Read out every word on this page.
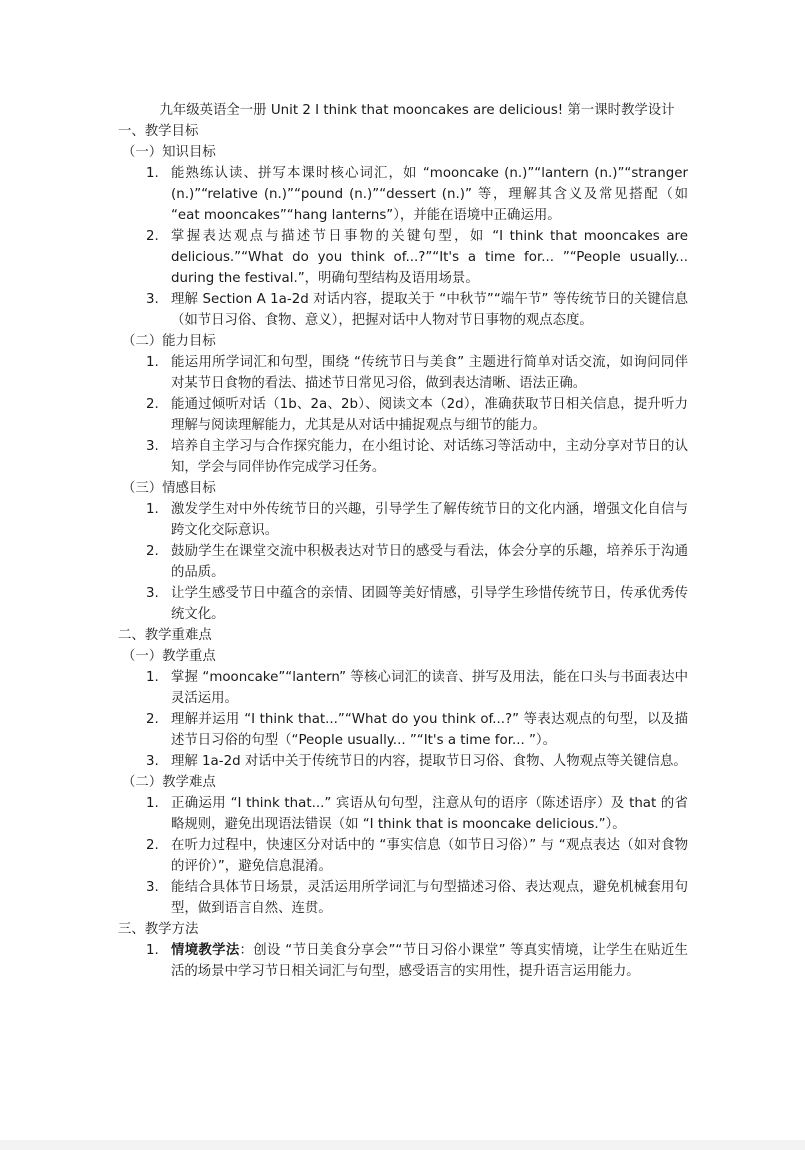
九年级英语全一册 Unit 2 I think that mooncakes are delicious! 第一课时教学设计
一、教学目标
（一）知识目标
1. 能熟练认读、拼写本课时核心词汇，如 “mooncake (n.)”“lantern (n.)”“stranger (n.)”“relative (n.)”“pound (n.)”“dessert (n.)” 等，理解其含义及常见搭配（如 “eat mooncakes”“hang lanterns”），并能在语境中正确运用。
2. 掌握表达观点与描述节日事物的关键句型，如 “I think that mooncakes are delicious.”“What do you think of...?”“It's a time for... ”“People usually... during the festival.”，明确句型结构及语用场景。
3. 理解 Section A 1a-2d 对话内容，提取关于 “中秋节”“端午节” 等传统节日的关键信息（如节日习俗、食物、意义），把握对话中人物对节日事物的观点态度。
（二）能力目标
1. 能运用所学词汇和句型，围绕 “传统节日与美食” 主题进行简单对话交流，如询问同伴对某节日食物的看法、描述节日常见习俗，做到表达清晰、语法正确。
2. 能通过倾听对话（1b、2a、2b）、阅读文本（2d），准确获取节日相关信息，提升听力理解与阅读理解能力，尤其是从对话中捕捉观点与细节的能力。
3. 培养自主学习与合作探究能力，在小组讨论、对话练习等活动中，主动分享对节日的认知，学会与同伴协作完成学习任务。
（三）情感目标
1. 激发学生对中外传统节日的兴趣，引导学生了解传统节日的文化内涵，增强文化自信与跨文化交际意识。
2. 鼓励学生在课堂交流中积极表达对节日的感受与看法，体会分享的乐趣，培养乐于沟通的品质。
3. 让学生感受节日中蕴含的亲情、团圆等美好情感，引导学生珍惜传统节日，传承优秀传统文化。
二、教学重难点
（一）教学重点
1. 掌握 “mooncake”“lantern” 等核心词汇的读音、拼写及用法，能在口头与书面表达中灵活运用。
2. 理解并运用 “I think that...”“What do you think of...?” 等表达观点的句型，以及描述节日习俗的句型（“People usually... ”“It's a time for... ”）。
3. 理解 1a-2d 对话中关于传统节日的内容，提取节日习俗、食物、人物观点等关键信息。
（二）教学难点
1. 正确运用 “I think that...” 宾语从句句型，注意从句的语序（陈述语序）及 that 的省略规则，避免出现语法错误（如 “I think that is mooncake delicious.”）。
2. 在听力过程中，快速区分对话中的 “事实信息（如节日习俗）” 与 “观点表达（如对食物的评价）”，避免信息混淆。
3. 能结合具体节日场景，灵活运用所学词汇与句型描述习俗、表达观点，避免机械套用句型，做到语言自然、连贯。
三、教学方法
1. 情境教学法：创设 “节日美食分享会”“节日习俗小课堂” 等真实情境，让学生在贴近生活的场景中学习节日相关词汇与句型，感受语言的实用性，提升语言运用能力。
